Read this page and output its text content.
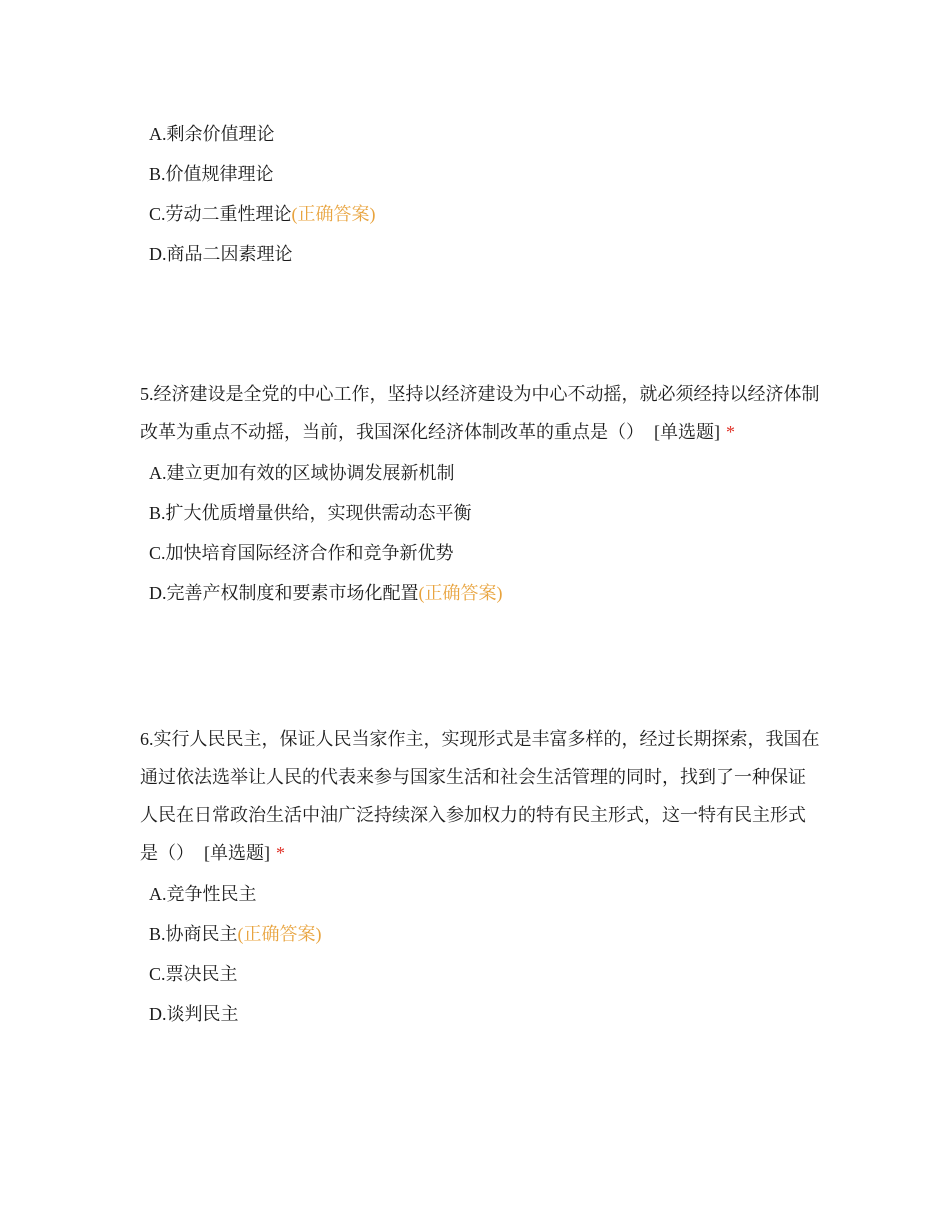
A.剩余价值理论
B.价值规律理论
C.劳动二重性理论(正确答案)
D.商品二因素理论

5.经济建设是全党的中心工作，坚持以经济建设为中心不动摇，就必须经持以经济体制改革为重点不动摇，当前，我国深化经济体制改革的重点是（） [单选题] *

A.建立更加有效的区域协调发展新机制
B.扩大优质增量供给，实现供需动态平衡
C.加快培育国际经济合作和竞争新优势
D.完善产权制度和要素市场化配置(正确答案)

6.实行人民民主，保证人民当家作主，实现形式是丰富多样的，经过长期探索，我国在通过依法选举让人民的代表来参与国家生活和社会生活管理的同时，找到了一种保证人民在日常政治生活中油广泛持续深入参加权力的特有民主形式，这一特有民主形式是（） [单选题] *

A.竞争性民主
B.协商民主(正确答案)
C.票决民主
D.谈判民主
